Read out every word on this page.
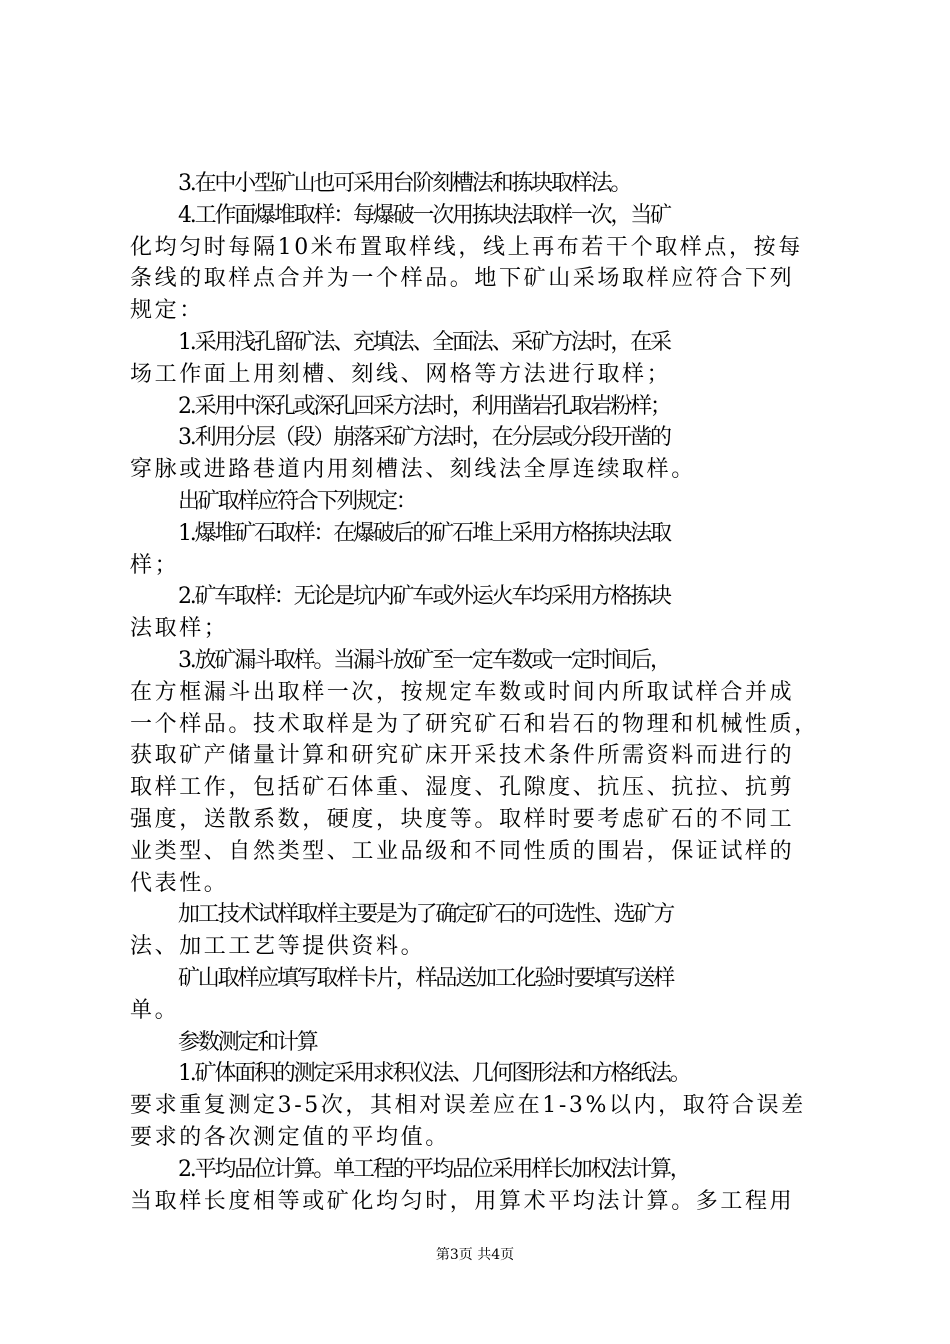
3.在中小型矿山也可采用台阶刻槽法和拣块取样法。
4.工作面爆堆取样：每爆破一次用拣块法取样一次，当矿
化均匀时每隔10米布置取样线，线上再布若干个取样点，按每
条线的取样点合并为一个样品。地下矿山采场取样应符合下列
规定：
1.采用浅孔留矿法、充填法、全面法、采矿方法时，在采
场工作面上用刻槽、刻线、网格等方法进行取样；
2.采用中深孔或深孔回采方法时，利用凿岩孔取岩粉样；
3.利用分层（段）崩落采矿方法时，在分层或分段开凿的
穿脉或进路巷道内用刻槽法、刻线法全厚连续取样。
出矿取样应符合下列规定：
1.爆堆矿石取样：在爆破后的矿石堆上采用方格拣块法取
样；
2.矿车取样：无论是坑内矿车或外运火车均采用方格拣块
法取样；
3.放矿漏斗取样。当漏斗放矿至一定车数或一定时间后，
在方框漏斗出取样一次，按规定车数或时间内所取试样合并成
一个样品。技术取样是为了研究矿石和岩石的物理和机械性质，
获取矿产储量计算和研究矿床开采技术条件所需资料而进行的
取样工作，包括矿石体重、湿度、孔隙度、抗压、抗拉、抗剪
强度，送散系数，硬度，块度等。取样时要考虑矿石的不同工
业类型、自然类型、工业品级和不同性质的围岩，保证试样的
代表性。
加工技术试样取样主要是为了确定矿石的可选性、选矿方
法、加工工艺等提供资料。
矿山取样应填写取样卡片，样品送加工化验时要填写送样
单。
参数测定和计算
1.矿体面积的测定采用求积仪法、几何图形法和方格纸法。
要求重复测定3-5次，其相对误差应在1-3%以内，取符合误差
要求的各次测定值的平均值。
2.平均品位计算。单工程的平均品位采用样长加权法计算，
当取样长度相等或矿化均匀时，用算术平均法计算。多工程用
第3页 共4页
